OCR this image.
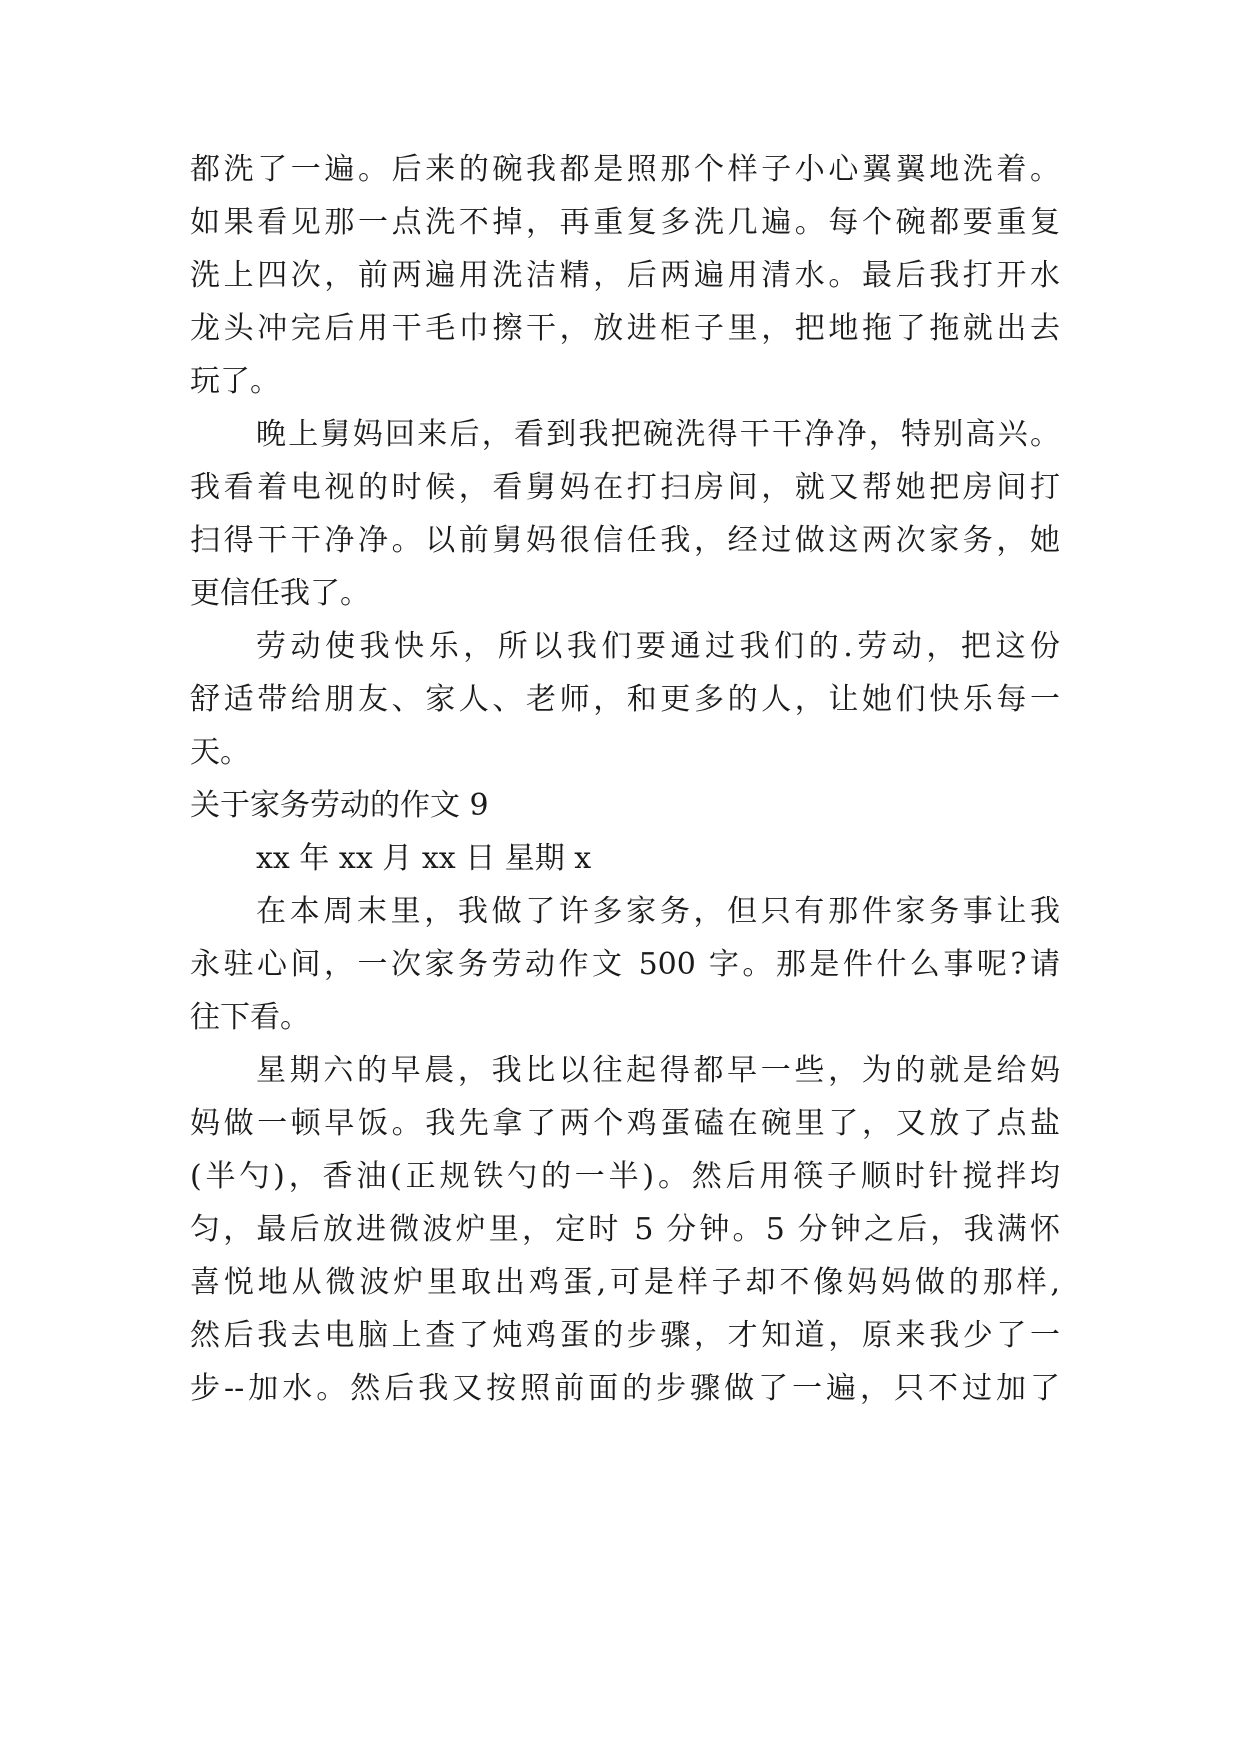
都洗了一遍。后来的碗我都是照那个样子小心翼翼地洗着。
如果看见那一点洗不掉，再重复多洗几遍。每个碗都要重复
洗上四次，前两遍用洗洁精，后两遍用清水。最后我打开水
龙头冲完后用干毛巾擦干，放进柜子里，把地拖了拖就出去
玩了。
晚上舅妈回来后，看到我把碗洗得干干净净，特别高兴。
我看着电视的时候，看舅妈在打扫房间，就又帮她把房间打
扫得干干净净。以前舅妈很信任我，经过做这两次家务，她
更信任我了。
劳动使我快乐，所以我们要通过我们的.劳动，把这份
舒适带给朋友、家人、老师，和更多的人，让她们快乐每一
天。
关于家务劳动的作文 9
xx 年 xx 月 xx 日 星期 x
在本周末里，我做了许多家务，但只有那件家务事让我
永驻心间，一次家务劳动作文 500 字。那是件什么事呢?请
往下看。
星期六的早晨，我比以往起得都早一些，为的就是给妈
妈做一顿早饭。我先拿了两个鸡蛋磕在碗里了，又放了点盐
(半勺)，香油(正规铁勺的一半)。然后用筷子顺时针搅拌均
匀，最后放进微波炉里，定时 5 分钟。5 分钟之后，我满怀
喜悦地从微波炉里取出鸡蛋,可是样子却不像妈妈做的那样,
然后我去电脑上查了炖鸡蛋的步骤，才知道，原来我少了一
步--加水。然后我又按照前面的步骤做了一遍，只不过加了
